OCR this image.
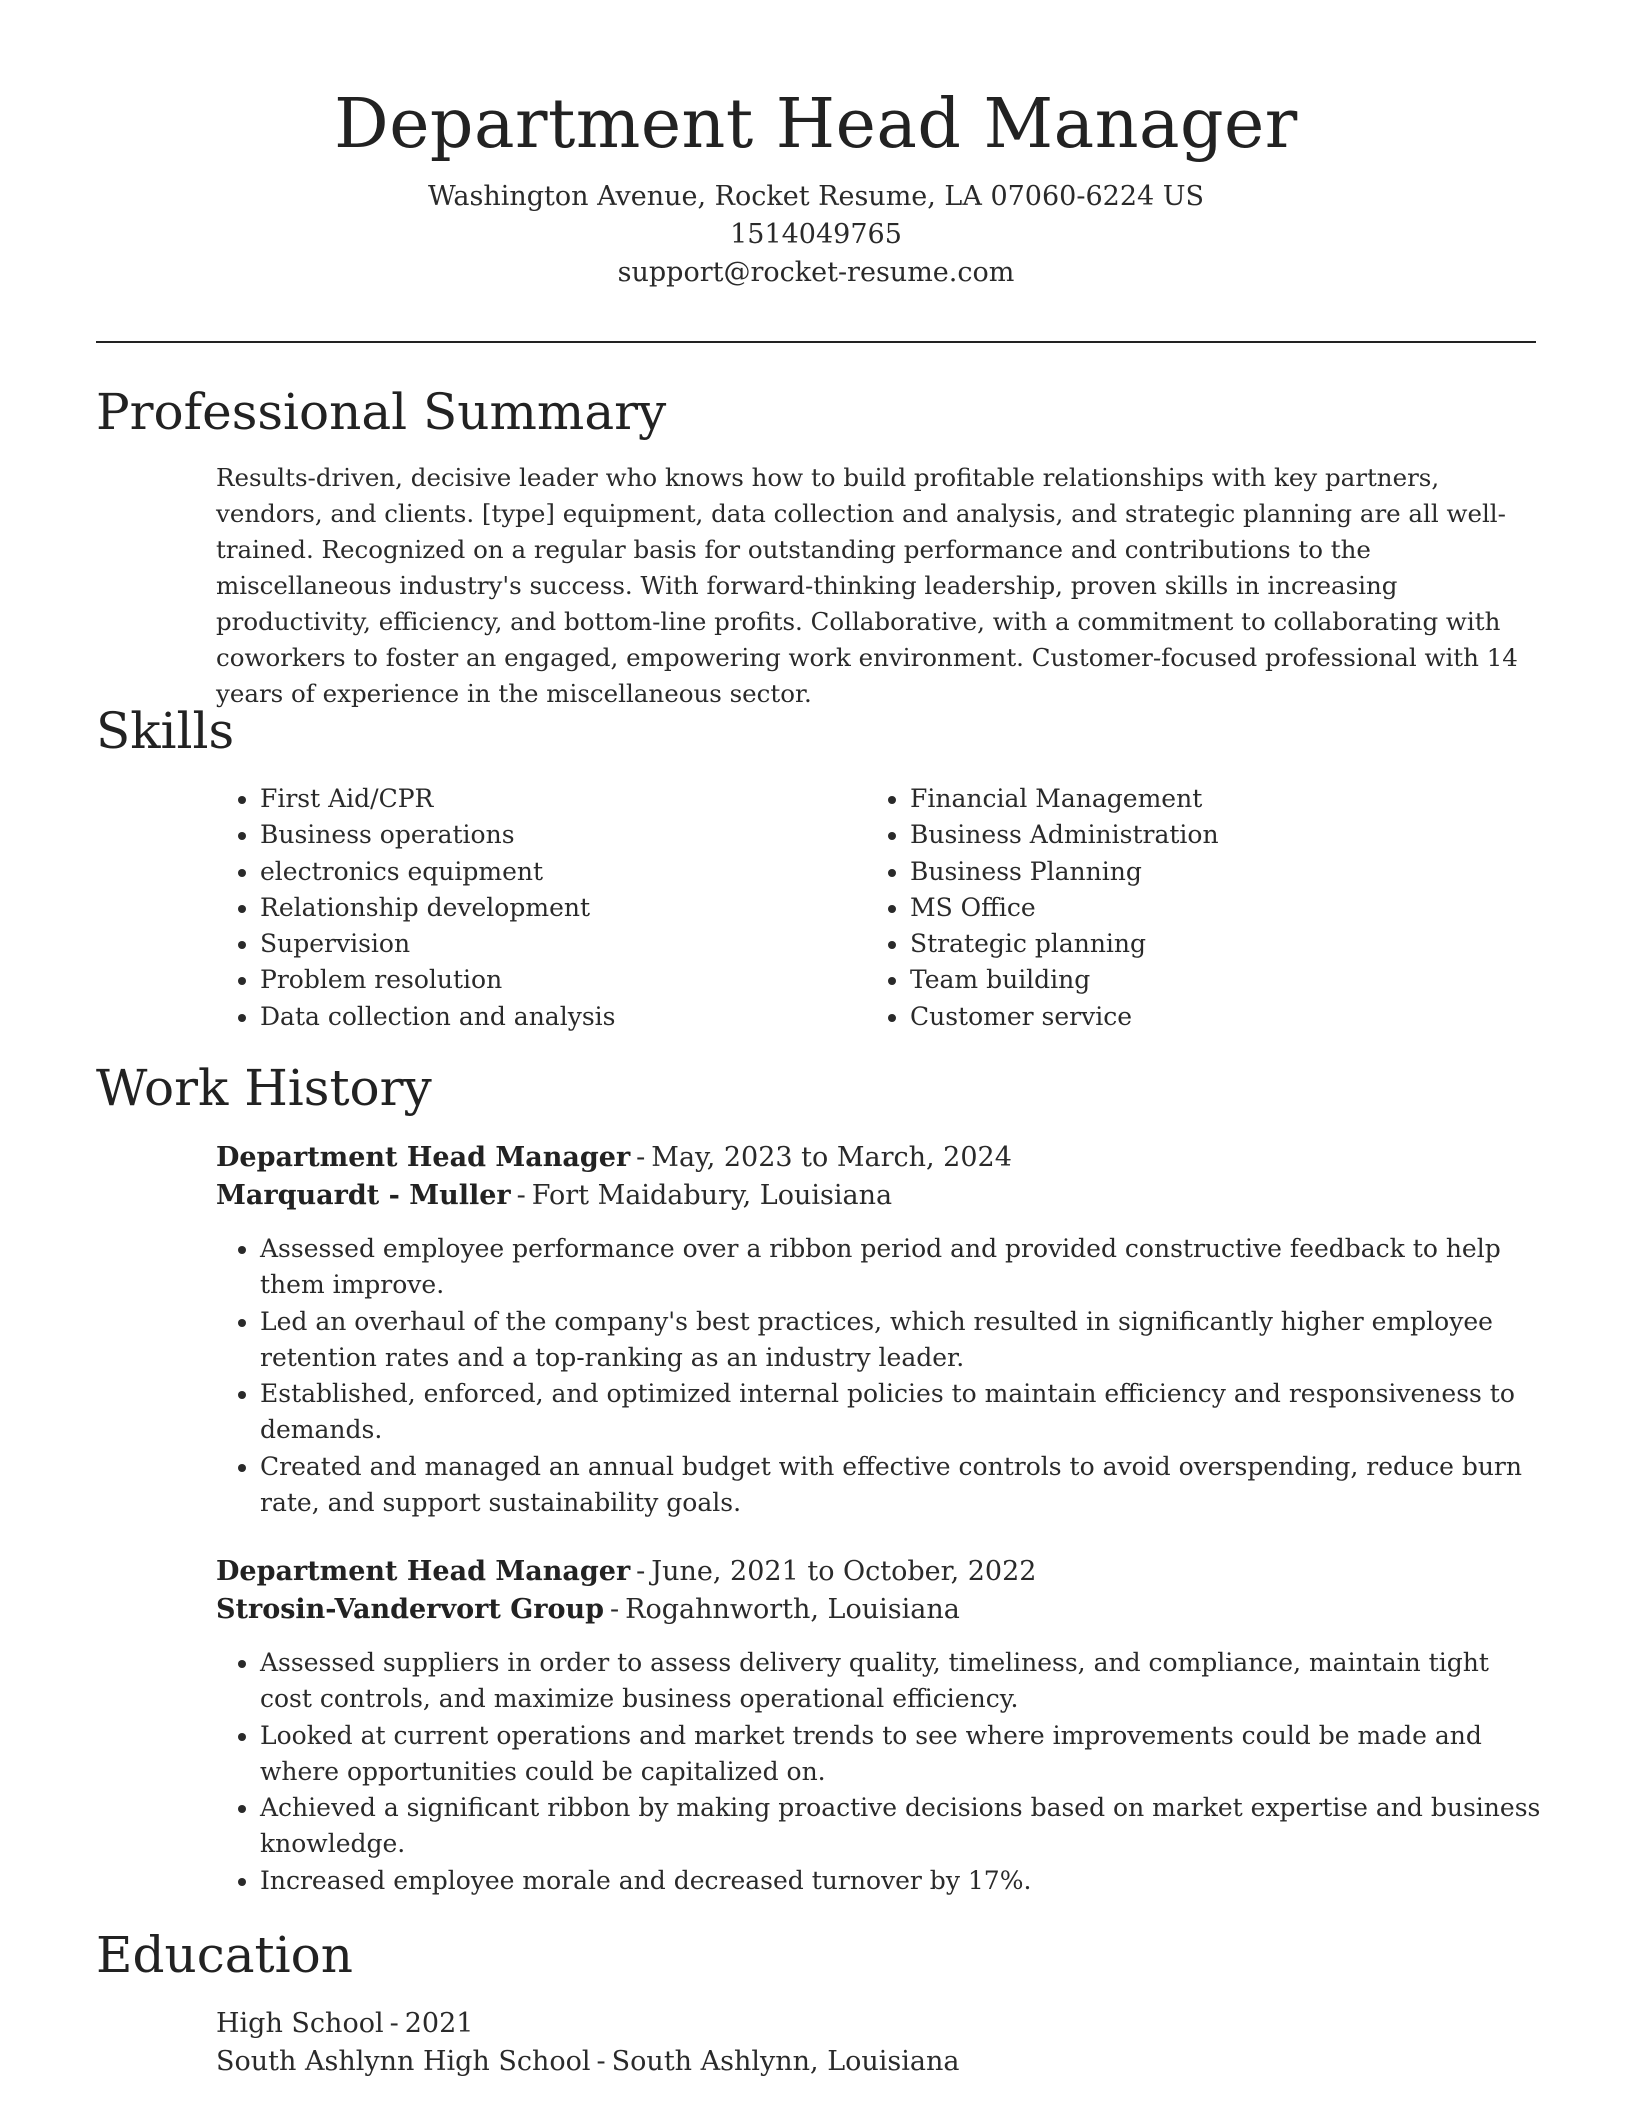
Department Head Manager
Washington Avenue, Rocket Resume, LA 07060-6224 US
1514049765
support@rocket-resume.com
Professional Summary
Results-driven, decisive leader who knows how to build profitable relationships with key partners, vendors, and clients. [type] equipment, data collection and analysis, and strategic planning are all well-trained. Recognized on a regular basis for outstanding performance and contributions to the miscellaneous industry's success. With forward-thinking leadership, proven skills in increasing productivity, efficiency, and bottom-line profits. Collaborative, with a commitment to collaborating with coworkers to foster an engaged, empowering work environment. Customer-focused professional with 14 years of experience in the miscellaneous sector.
Skills
• First Aid/CPR
• Business operations
• electronics equipment
• Relationship development
• Supervision
• Problem resolution
• Data collection and analysis
• Financial Management
• Business Administration
• Business Planning
• MS Office
• Strategic planning
• Team building
• Customer service
Work History
Department Head Manager - May, 2023 to March, 2024
Marquardt - Muller - Fort Maidabury, Louisiana
• Assessed employee performance over a ribbon period and provided constructive feedback to help them improve.
• Led an overhaul of the company's best practices, which resulted in significantly higher employee retention rates and a top-ranking as an industry leader.
• Established, enforced, and optimized internal policies to maintain efficiency and responsiveness to demands.
• Created and managed an annual budget with effective controls to avoid overspending, reduce burn rate, and support sustainability goals.
Department Head Manager - June, 2021 to October, 2022
Strosin-Vandervort Group - Rogahnworth, Louisiana
• Assessed suppliers in order to assess delivery quality, timeliness, and compliance, maintain tight cost controls, and maximize business operational efficiency.
• Looked at current operations and market trends to see where improvements could be made and where opportunities could be capitalized on.
• Achieved a significant ribbon by making proactive decisions based on market expertise and business knowledge.
• Increased employee morale and decreased turnover by 17%.
Education
High School - 2021
South Ashlynn High School - South Ashlynn, Louisiana
